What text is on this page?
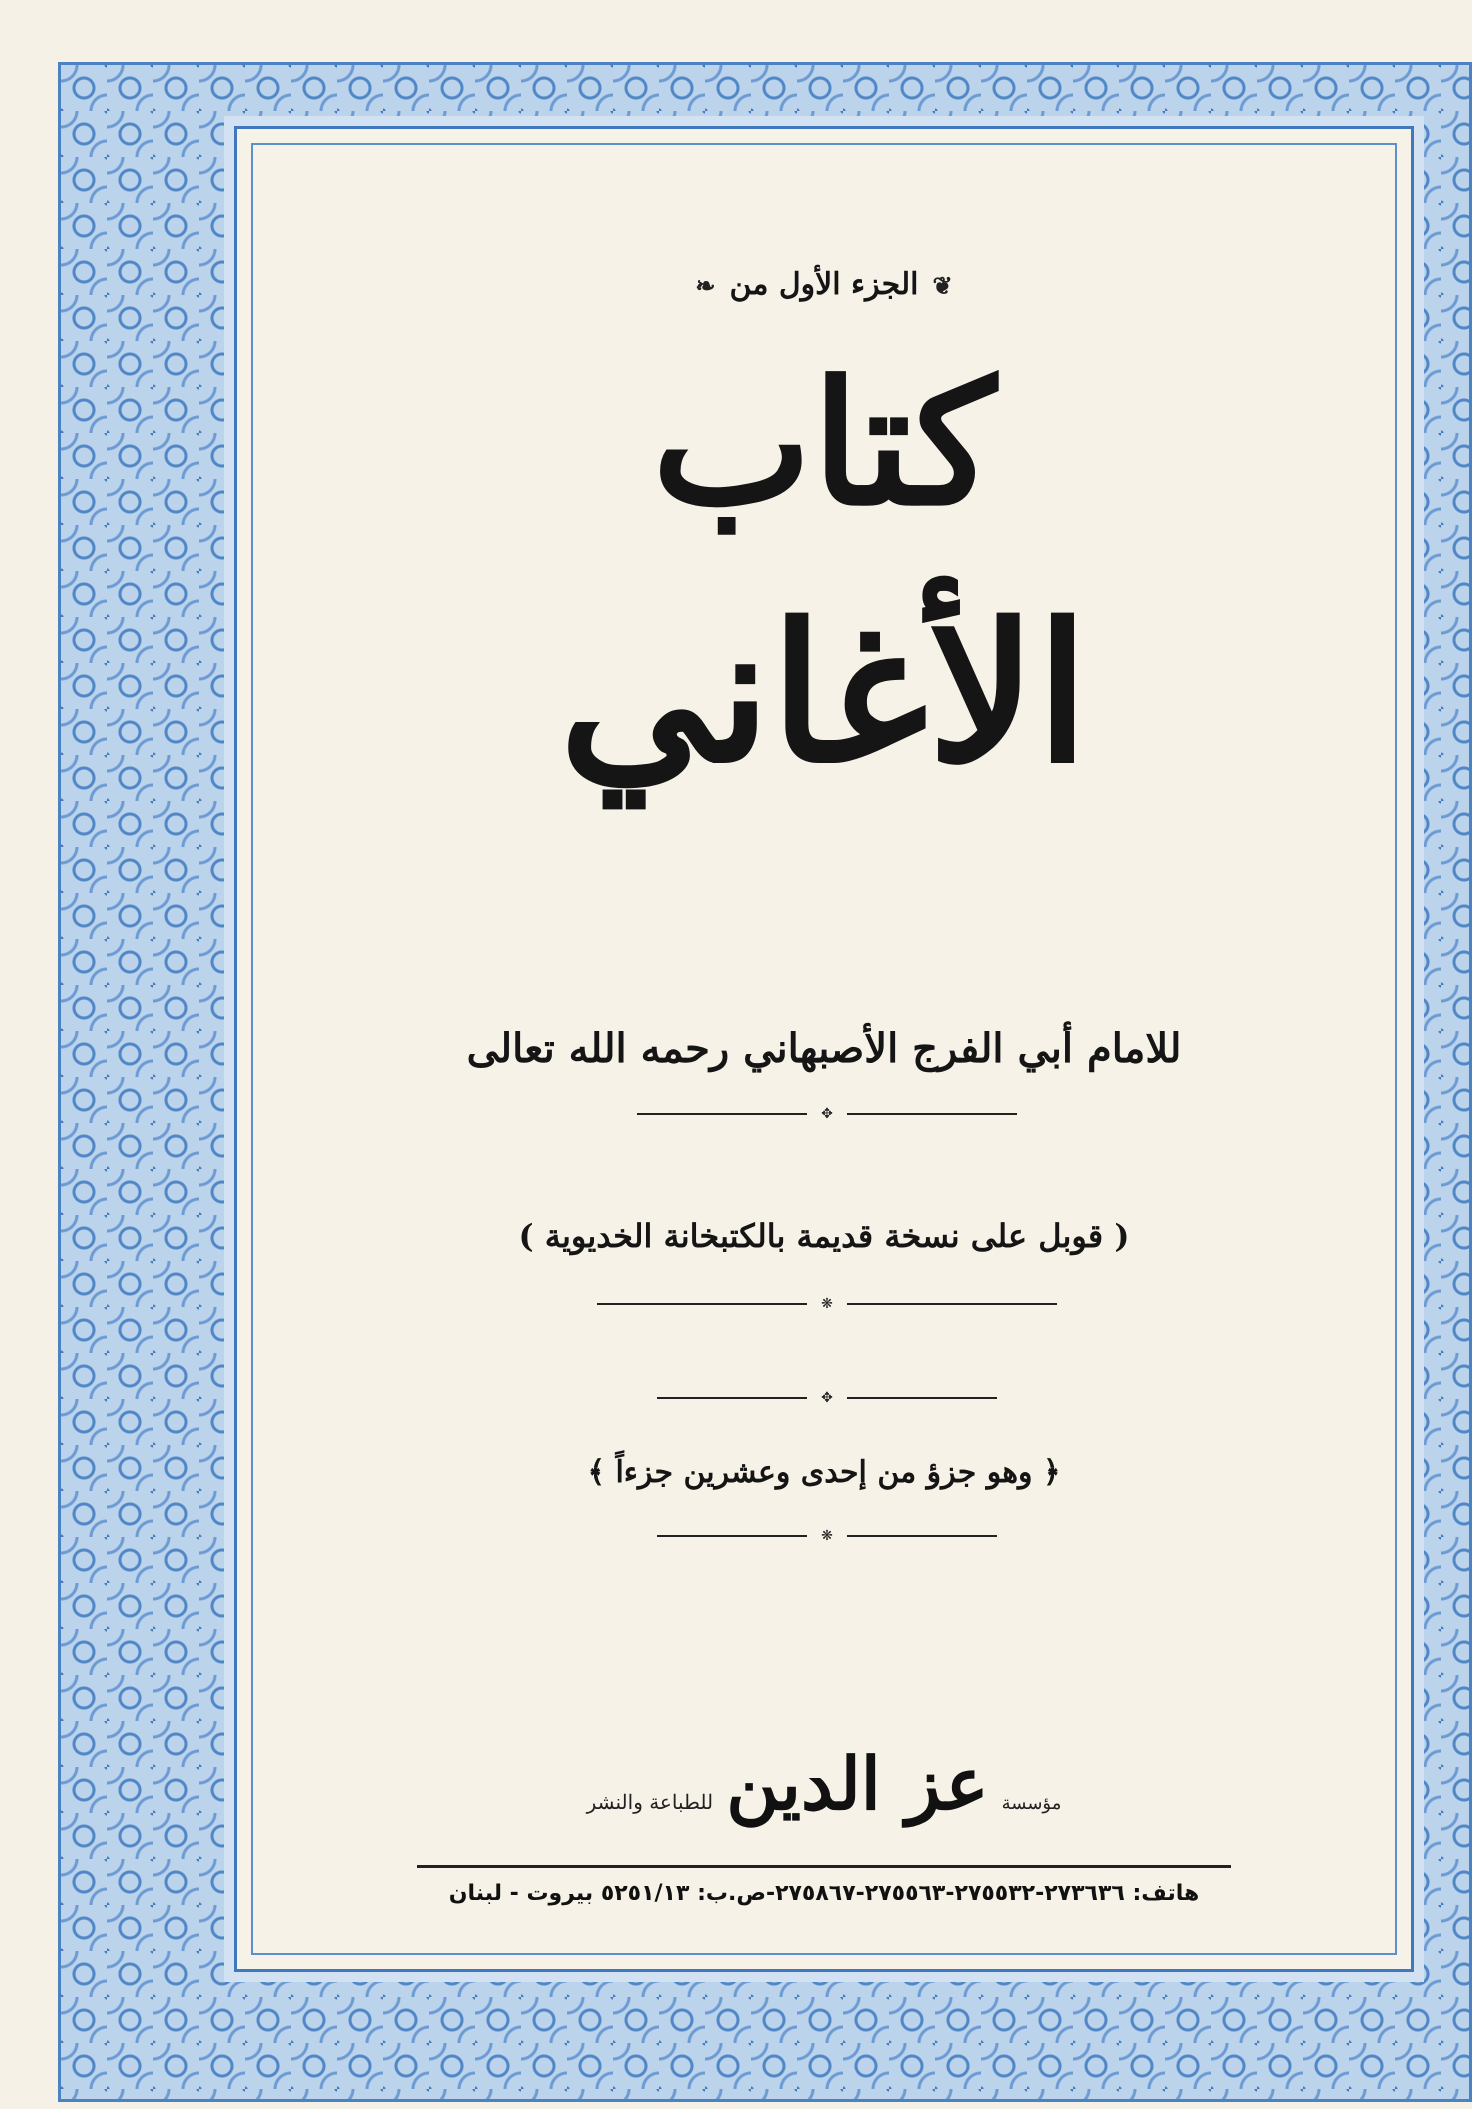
❦الجزء الأول من❧
كتاب
الأغاني
للامام أبي الفرج الأصبهاني رحمه الله تعالى
✥
( قوبل على نسخة قديمة بالكتبخانة الخديوية )
❋
✥
﴿ وهو جزؤ من إحدى وعشرين جزءاً ﴾
❋
مؤسسة عز الدين للطباعة والنشر
هاتف: ٢٧٣٦٣٦-٢٧٥٥٣٢-٢٧٥٥٦٣-٢٧٥٨٦٧-ص.ب: ٥٢٥١/١٣ بيروت - لبنان
